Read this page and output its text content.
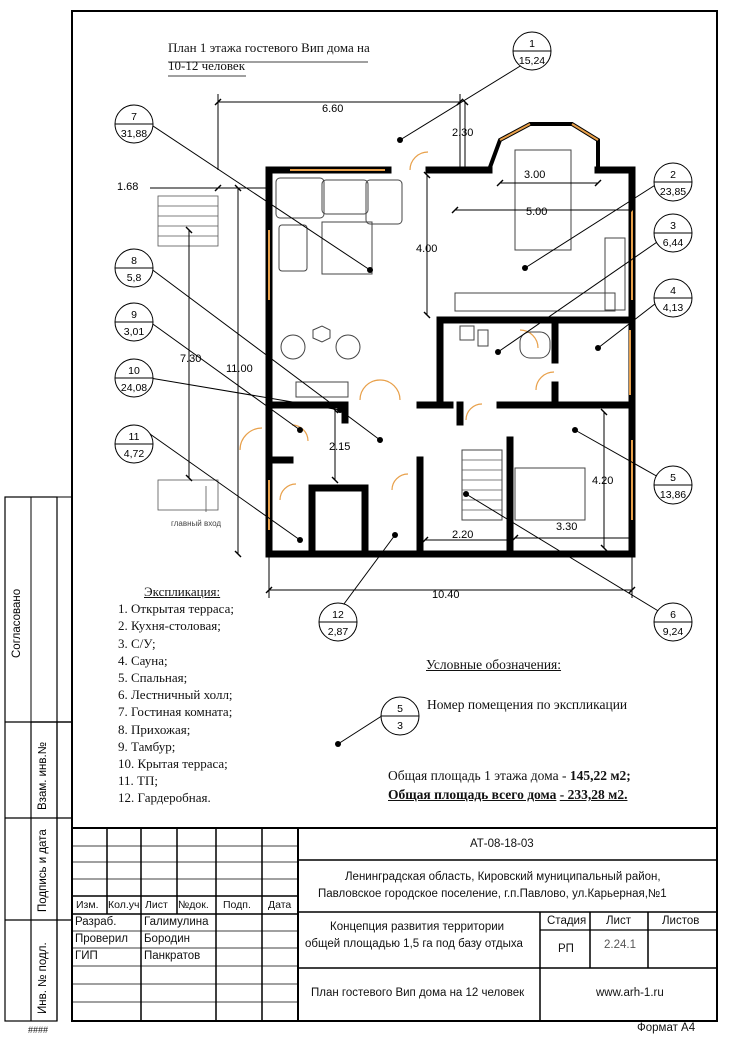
1
15,24
2
23,85
3
6,44
4
4,13
5
13,86
6
9,24
7
31,88
8
5,8
9
3,01
10
24,08
11
4,72
12
2,87
5
3
6.60
2.30
1.68
3.00
5.00
4.00
7.30
11.00
2.15
4.20
3.30
2.20
10.40
главный вход
План 1 этажа гостевого Вип дома на
10-12 человек
Экспликация:
1. Открытая терраса;
2. Кухня-столовая;
3. С/У;
4. Сауна;
5. Спальная;
6. Лестничный холл;
7. Гостиная комната;
8. Прихожая;
9. Тамбур;
10. Крытая терраса;
11. ТП;
12. Гардеробная.
Условные обозначения:
Номер помещения по экспликации
Общая площадь 1 этажа дома - 145,22 м2;
Общая площадь всего дома - 233,28 м2.
Согласовано
Взам. инв.№
Подпись и дата
Инв. № подл.
АТ-08-18-03
Ленинградская область, Кировский муниципальный район,
Павловское городское поселение, г.п.Павлово, ул.Карьерная,№1
Изм. Кол.уч. Лист №док. Подп. Дата
Разраб. Галимулина
Проверил Бородин
ГИП	Панкратов
Концепция развития территории
общей площадью 1,5 га под базу отдыха
Стадия Лист	Листов
РП	2.24.1
План гостевого Вип дома на 12 человек	www.arh-1.ru
####	Формат А4
